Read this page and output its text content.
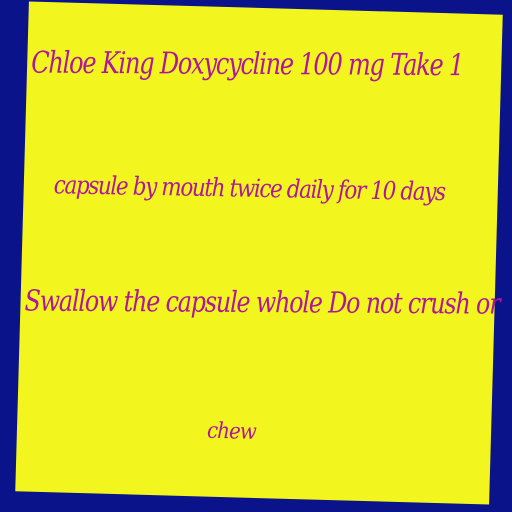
Chloe King Doxycycline 100 mg Take 1
capsule by mouth twice daily for 10 days
Swallow the capsule whole Do not crush or
chew
